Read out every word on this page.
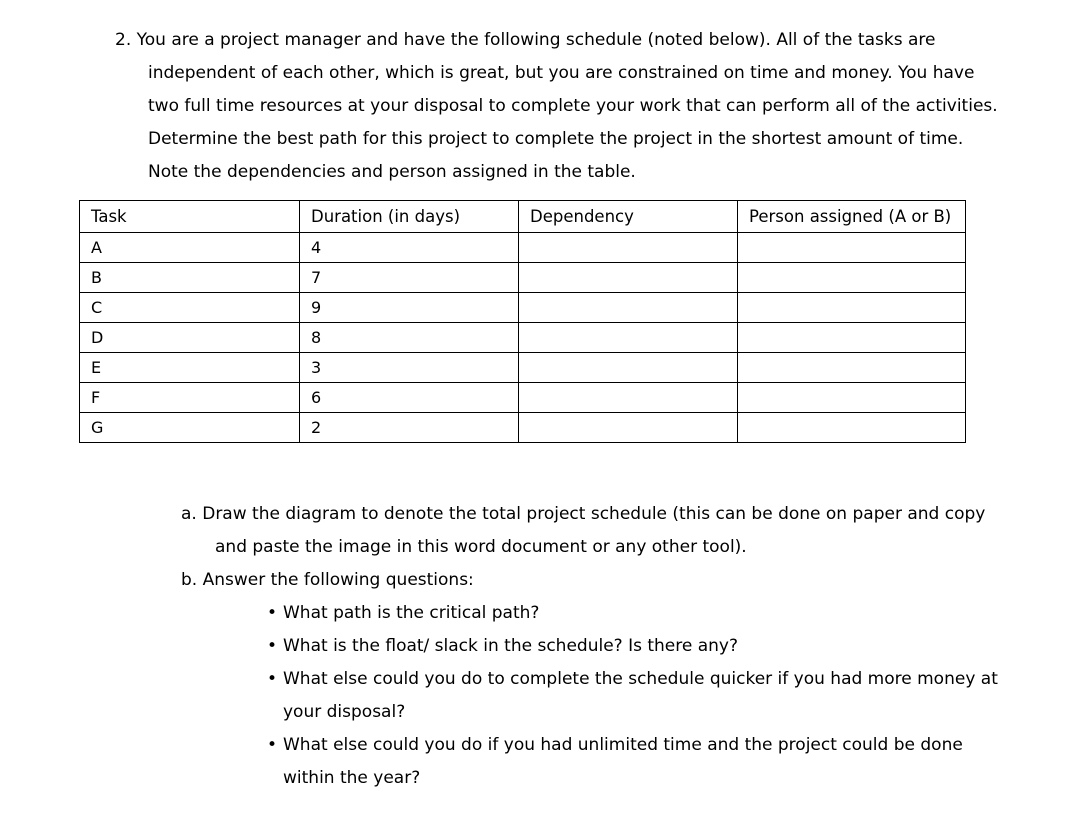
2. You are a project manager and have the following schedule (noted below). All of the tasks are
independent of each other, which is great, but you are constrained on time and money. You have
two full time resources at your disposal to complete your work that can perform all of the activities.
Determine the best path for this project to complete the project in the shortest amount of time.
Note the dependencies and person assigned in the table.
Task	Duration (in days)	Dependency	Person assigned (A or B)
A	4		
B	7		
C	9		
D	8		
E	3		
F	6		
G	2		
a. Draw the diagram to denote the total project schedule (this can be done on paper and copy
and paste the image in this word document or any other tool).
b. Answer the following questions:
• What path is the critical path?
• What is the float/ slack in the schedule? Is there any?
• What else could you do to complete the schedule quicker if you had more money at
your disposal?
• What else could you do if you had unlimited time and the project could be done
within the year?
